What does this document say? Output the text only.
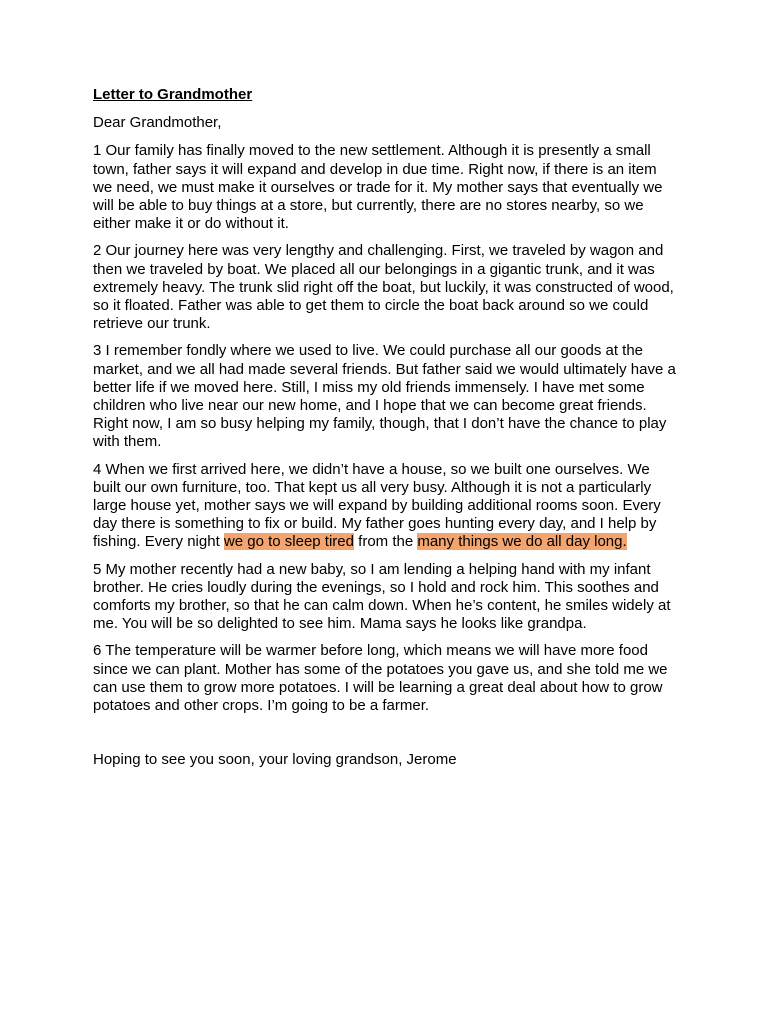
Letter to Grandmother
Dear Grandmother,
1 Our family has finally moved to the new settlement. Although it is presently a small town, father says it will expand and develop in due time. Right now, if there is an item we need, we must make it ourselves or trade for it. My mother says that eventually we will be able to buy things at a store, but currently, there are no stores nearby, so we either make it or do without it.
2 Our journey here was very lengthy and challenging. First, we traveled by wagon and then we traveled by boat. We placed all our belongings in a gigantic trunk, and it was extremely heavy. The trunk slid right off the boat, but luckily, it was constructed of wood, so it floated. Father was able to get them to circle the boat back around so we could retrieve our trunk.
3 I remember fondly where we used to live. We could purchase all our goods at the market, and we all had made several friends. But father said we would ultimately have a better life if we moved here. Still, I miss my old friends immensely. I have met some children who live near our new home, and I hope that we can become great friends. Right now, I am so busy helping my family, though, that I don’t have the chance to play with them.
4 When we first arrived here, we didn’t have a house, so we built one ourselves. We built our own furniture, too. That kept us all very busy. Although it is not a particularly large house yet, mother says we will expand by building additional rooms soon. Every day there is something to fix or build. My father goes hunting every day, and I help by fishing. Every night we go to sleep tired from the many things we do all day long.
5 My mother recently had a new baby, so I am lending a helping hand with my infant brother. He cries loudly during the evenings, so I hold and rock him. This soothes and comforts my brother, so that he can calm down. When he’s content, he smiles widely at me. You will be so delighted to see him. Mama says he looks like grandpa.
6 The temperature will be warmer before long, which means we will have more food since we can plant. Mother has some of the potatoes you gave us, and she told me we can use them to grow more potatoes. I will be learning a great deal about how to grow potatoes and other crops. I’m going to be a farmer.
Hoping to see you soon, your loving grandson, Jerome
